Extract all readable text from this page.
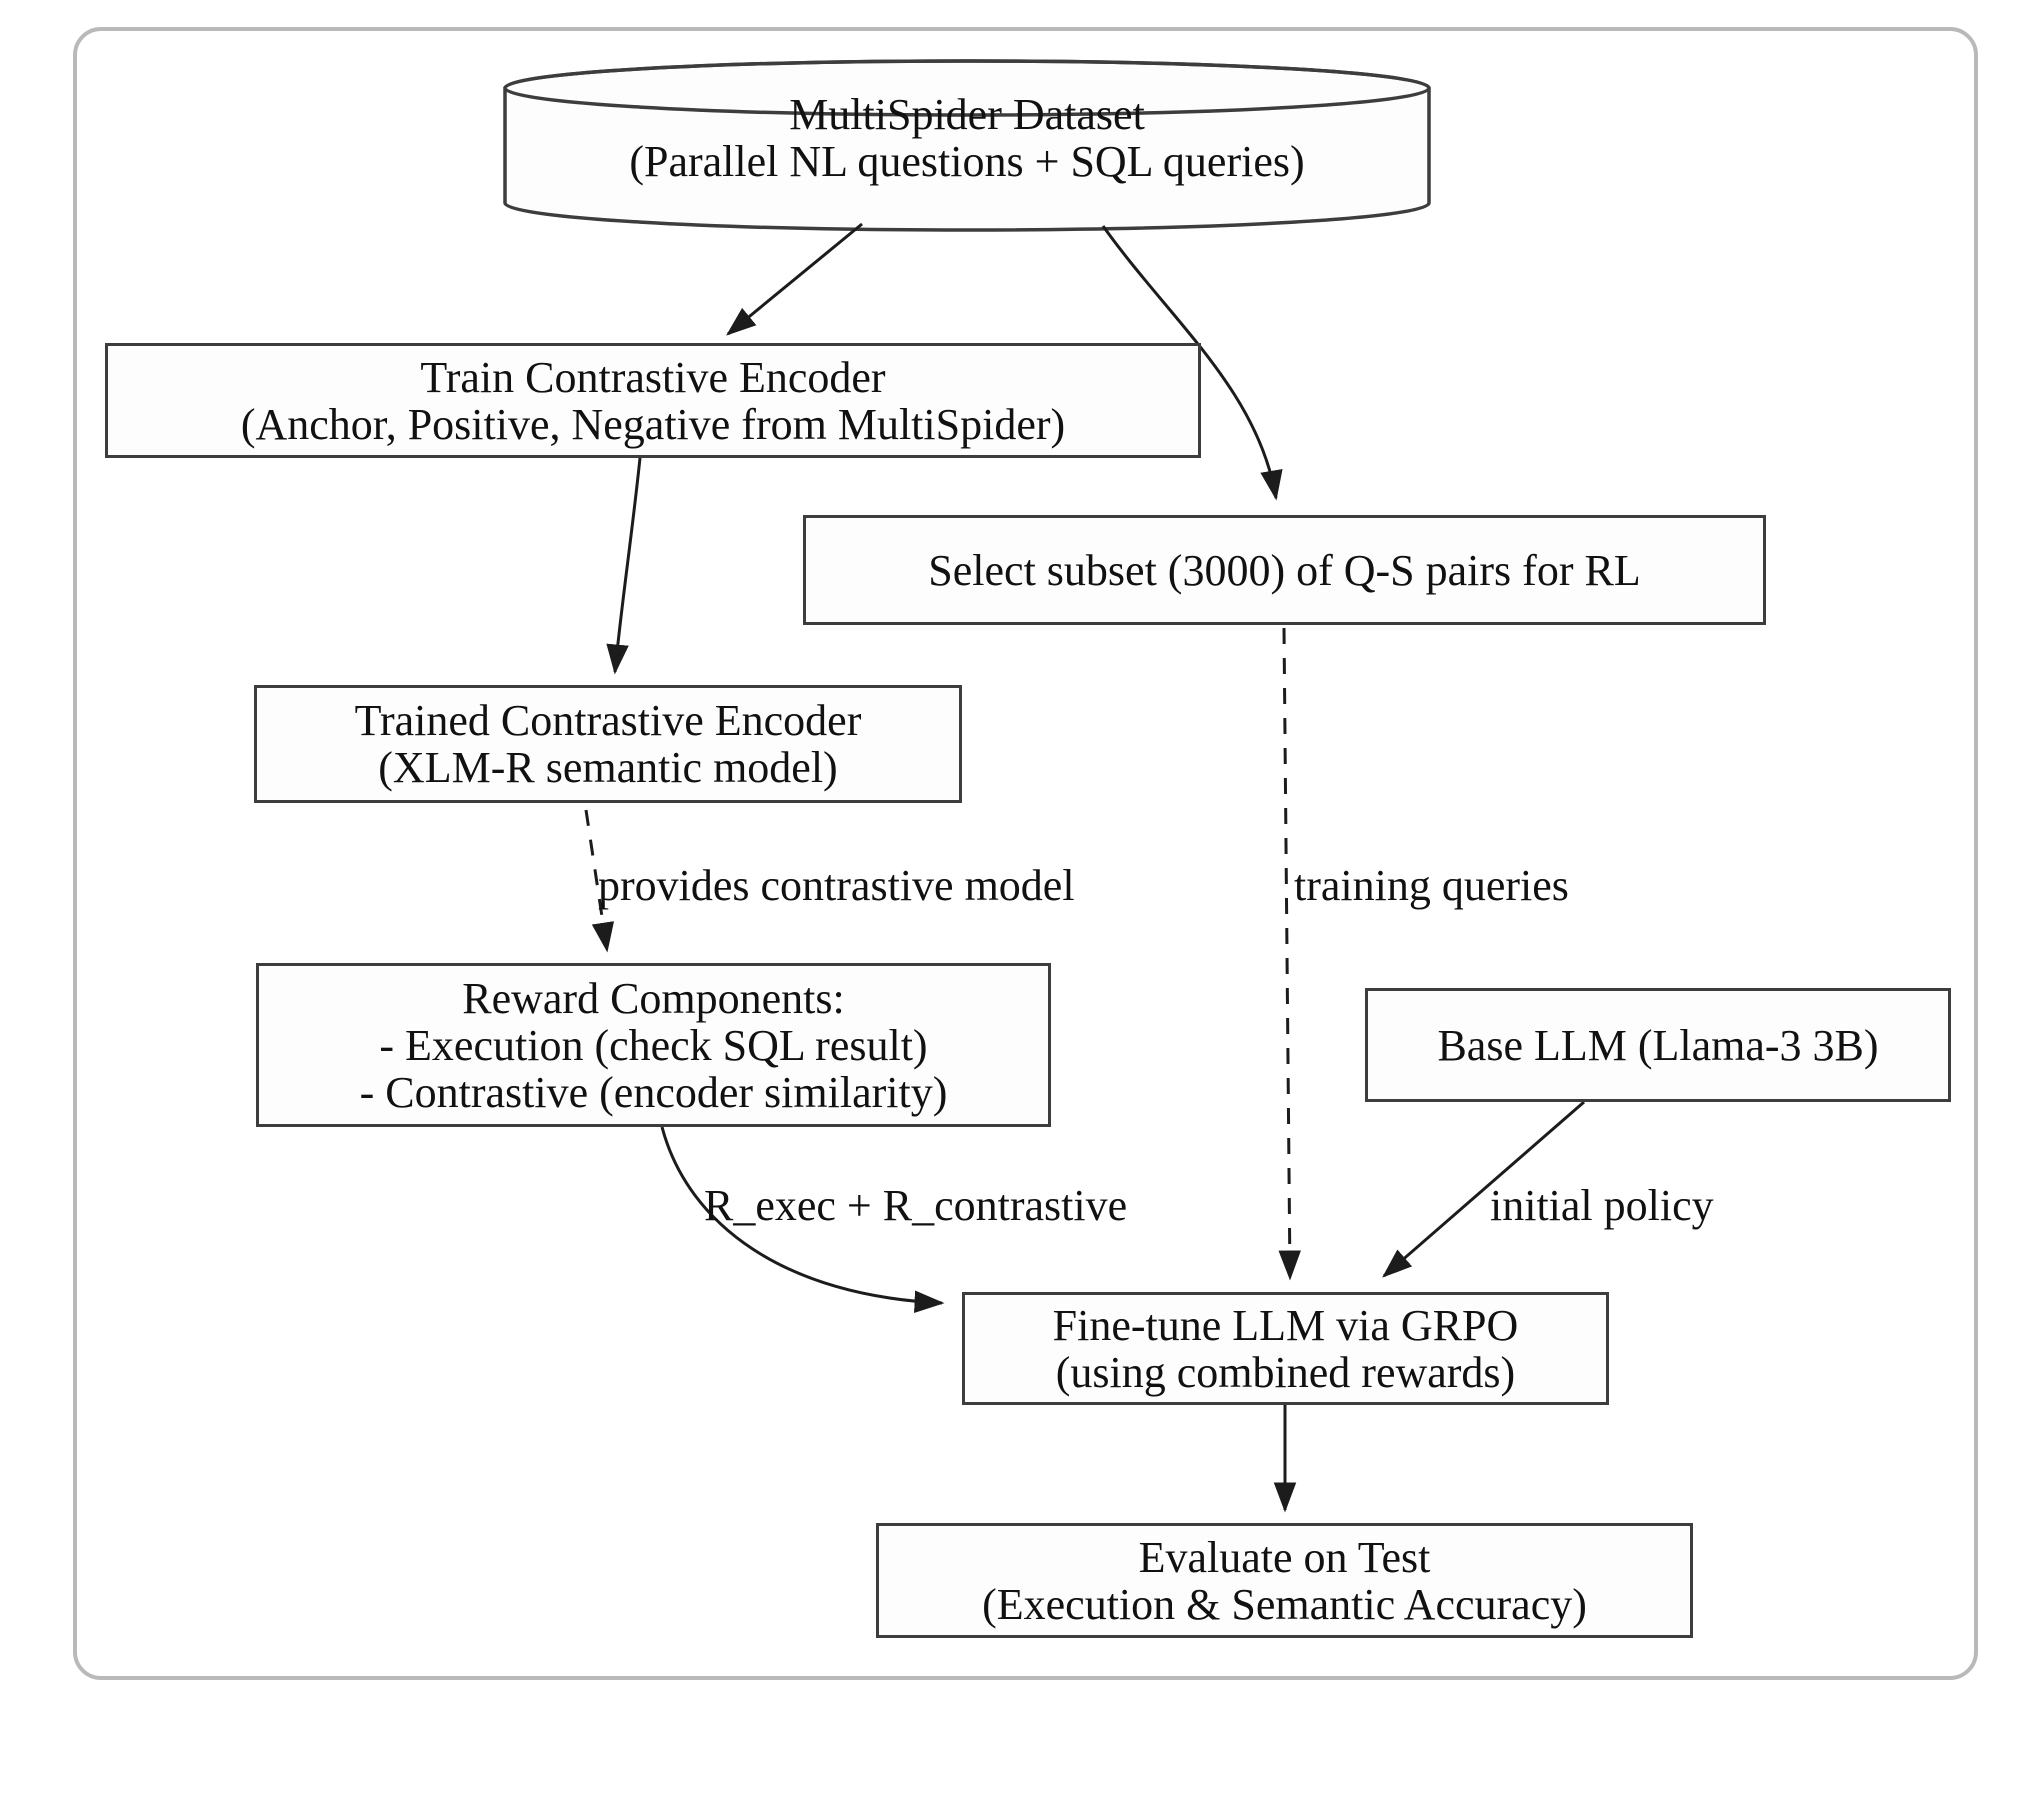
MultiSpider Dataset
(Parallel NL questions + SQL queries)
Train Contrastive Encoder
(Anchor, Positive, Negative from MultiSpider)
Select subset (3000) of Q-S pairs for RL
Trained Contrastive Encoder
(XLM-R semantic model)
Reward Components:
- Execution (check SQL result)
- Contrastive (encoder similarity)
Base LLM (Llama-3 3B)
Fine-tune LLM via GRPO
(using combined rewards)
Evaluate on Test
(Execution & Semantic Accuracy)
provides contrastive model	training queries
R_exec + R_contrastive	initial policy
